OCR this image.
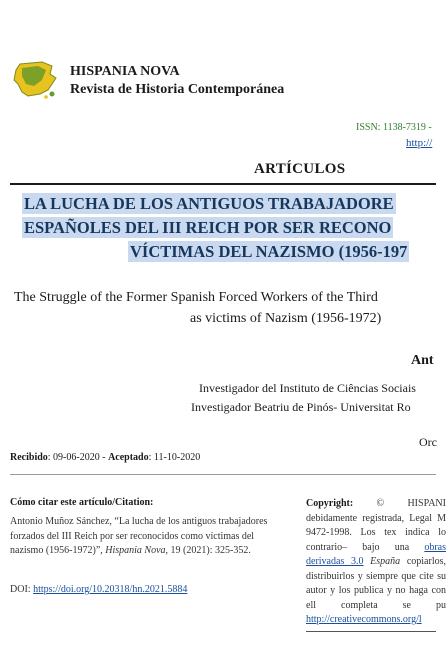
HISPANIA NOVA
Revista de Historia Contemporánea
ISSN: 1138-7319 -
http://
ARTÍCULOS
LA LUCHA DE LOS ANTIGUOS TRABAJADORE
ESPAÑOLES DEL III REICH POR SER RECONO
VÍCTIMAS DEL NAZISMO (1956-197
The Struggle of the Former Spanish Forced Workers of the Third
as victims of Nazism (1956-1972)
Ant
Investigador del Instituto de Ciências Sociais
Investigador Beatriu de Pinós- Universitat Ro
Orc
Recibido: 09-06-2020 - Aceptado: 11-10-2020
Cómo citar este artículo/Citation:
Antonio Muñoz Sánchez, “La lucha de los antiguos trabajadores forzados del III Reich por ser reconocidos como víctimas del nazismo (1956-1972)”, Hispania Nova, 19 (2021): 325-352.
DOI: https://doi.org/10.20318/hn.2021.5884
Copyright: © HISPANI debidamente registrada, Legal M 9472-1998. Los tex indica lo contrario– bajo una obras derivadas 3.0 España copiarlos, distribuirlos y siempre que cite su autor y los publica y no haga con ell completa se pu http://creativecommons.org/l
